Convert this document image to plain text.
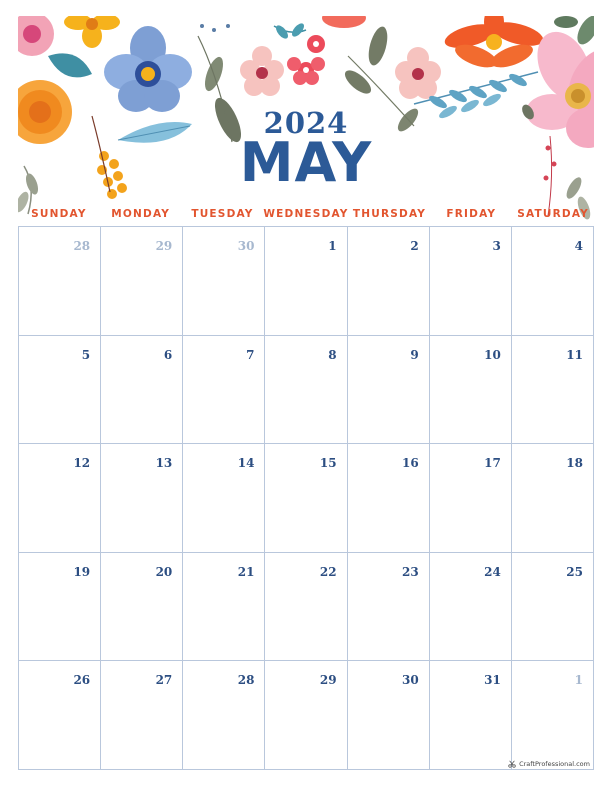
2024
MAY
SUNDAY	MONDAY	TUESDAY WEDNESDAY THURSDAY	FRIDAY	SATURDAY
28	29	30	1	2	3	4
5	6	7	8	9	10	11
12	13	14	15	16	17	18
19	20	21	22	23	24	25
26	27	28	29	30	31	1
CraftProfessional.com
